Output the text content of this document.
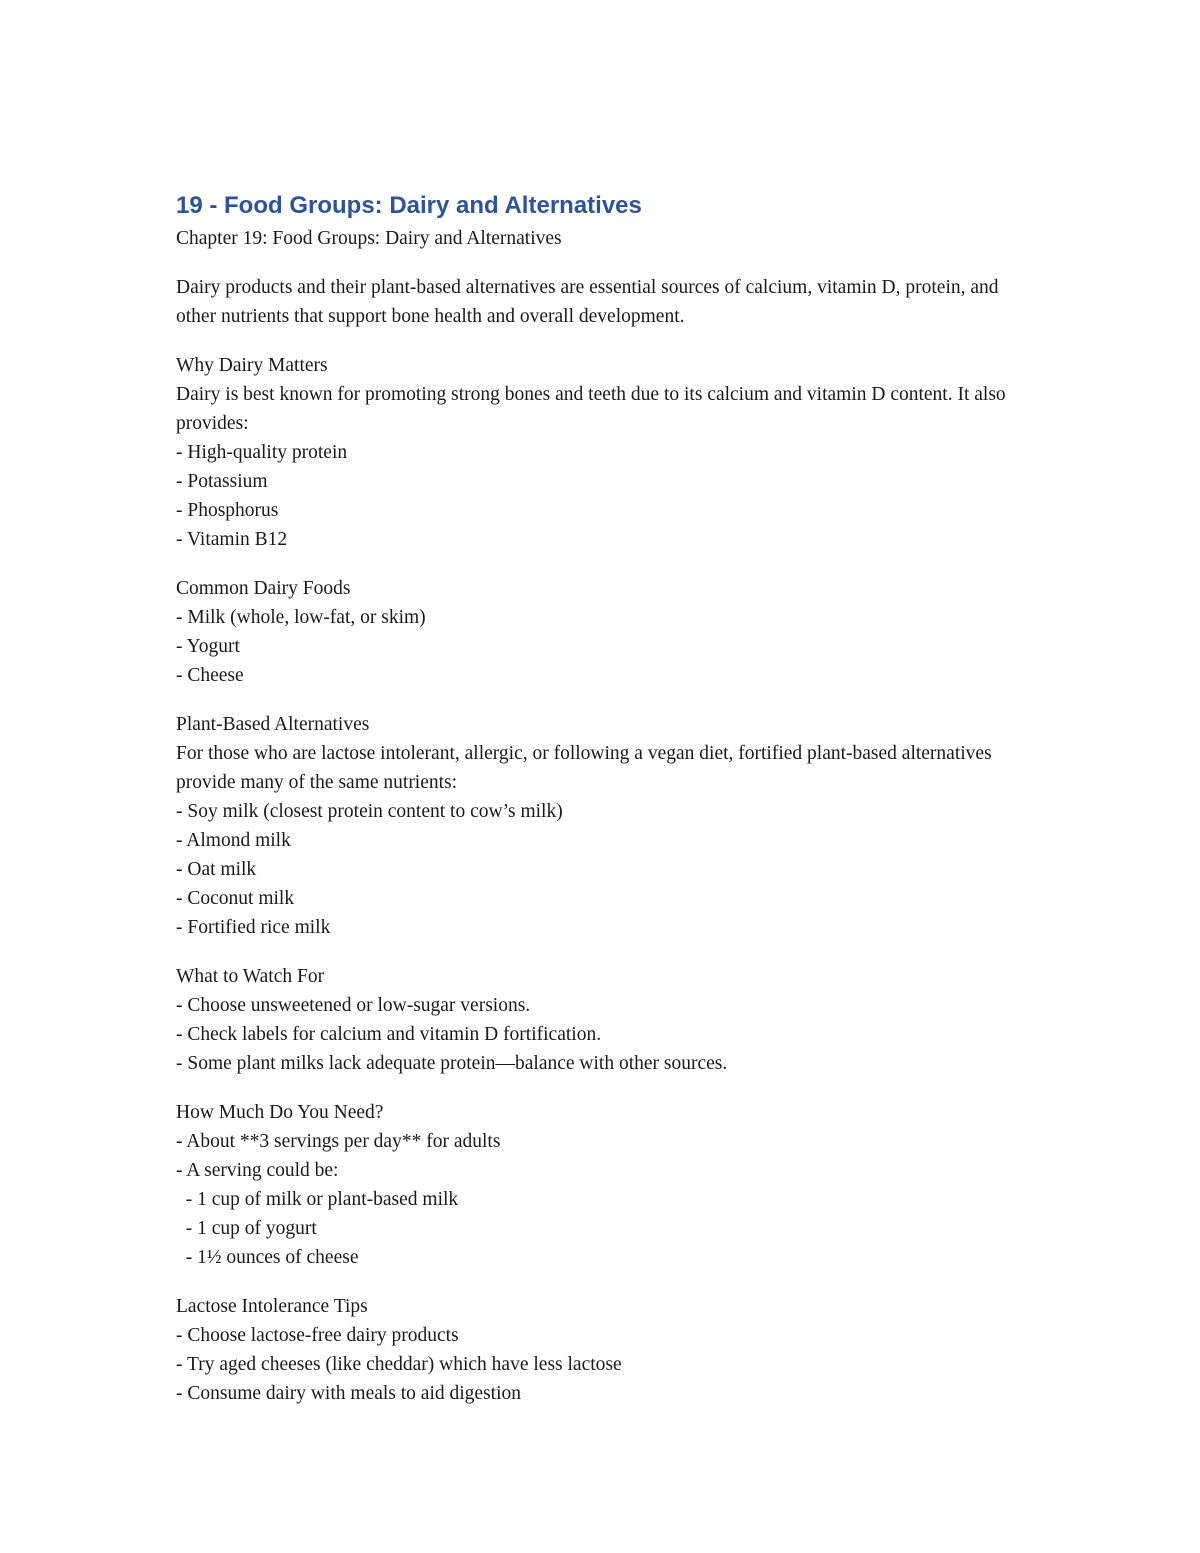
19 - Food Groups: Dairy and Alternatives
Chapter 19: Food Groups: Dairy and Alternatives
Dairy products and their plant-based alternatives are essential sources of calcium, vitamin D, protein, and other nutrients that support bone health and overall development.
Why Dairy Matters
Dairy is best known for promoting strong bones and teeth due to its calcium and vitamin D content. It also provides:
- High-quality protein
- Potassium
- Phosphorus
- Vitamin B12
Common Dairy Foods
- Milk (whole, low-fat, or skim)
- Yogurt
- Cheese
Plant-Based Alternatives
For those who are lactose intolerant, allergic, or following a vegan diet, fortified plant-based alternatives provide many of the same nutrients:
- Soy milk (closest protein content to cow’s milk)
- Almond milk
- Oat milk
- Coconut milk
- Fortified rice milk
What to Watch For
- Choose unsweetened or low-sugar versions.
- Check labels for calcium and vitamin D fortification.
- Some plant milks lack adequate protein—balance with other sources.
How Much Do You Need?
- About **3 servings per day** for adults
- A serving could be:
- 1 cup of milk or plant-based milk
- 1 cup of yogurt
- 1½ ounces of cheese
Lactose Intolerance Tips
- Choose lactose-free dairy products
- Try aged cheeses (like cheddar) which have less lactose
- Consume dairy with meals to aid digestion
